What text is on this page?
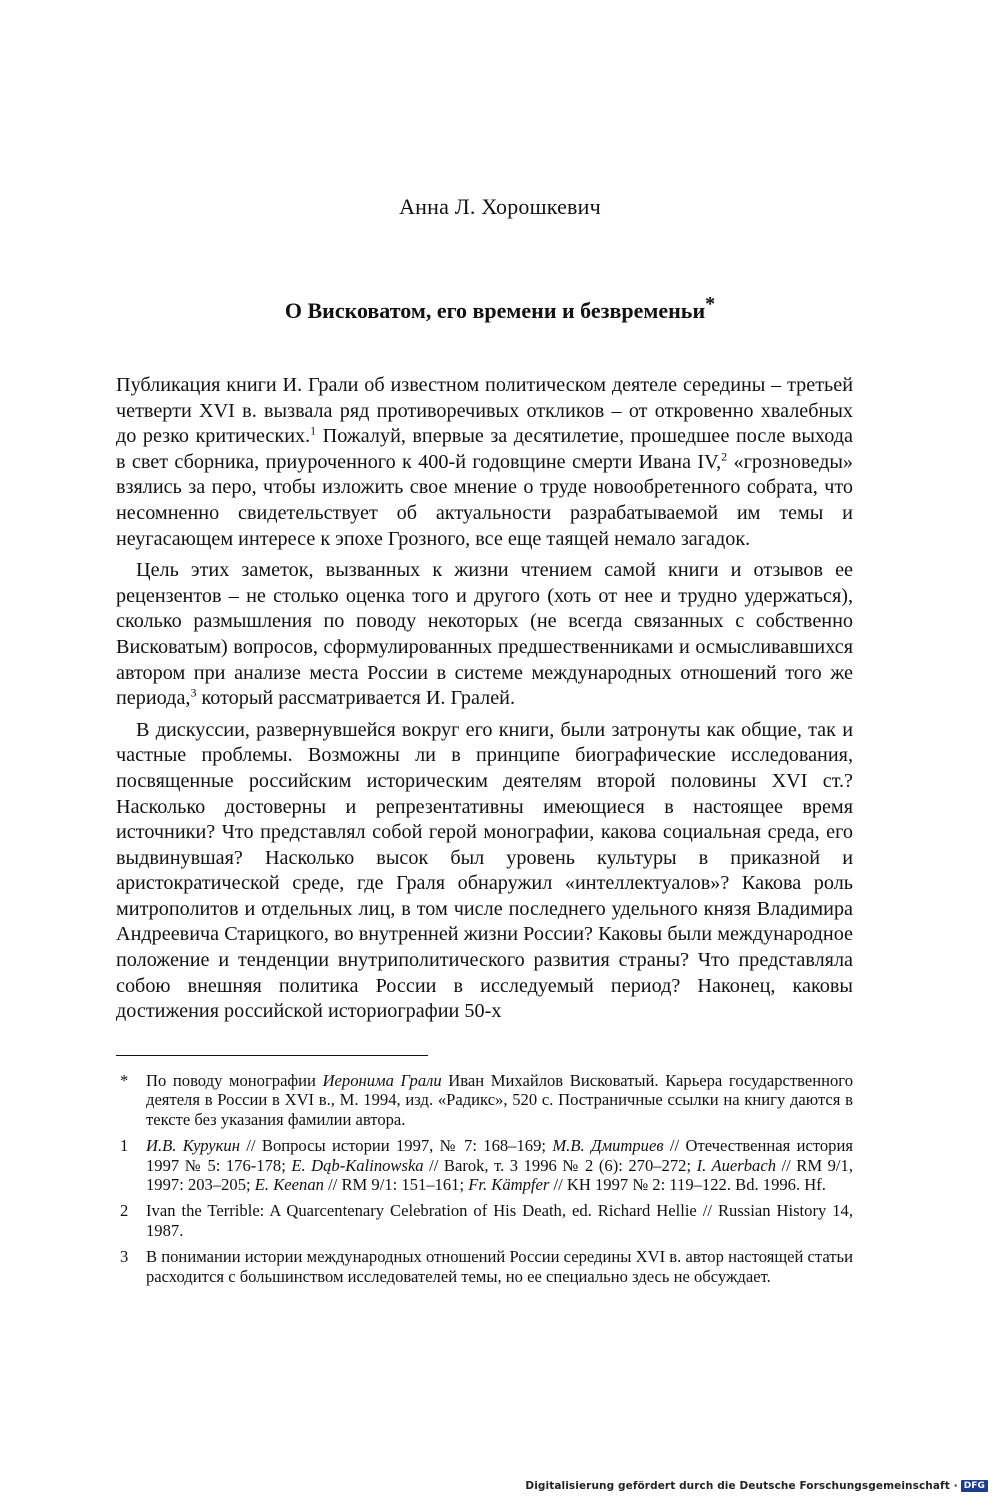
Анна Л. Хорошкевич
О Висковатом, его времени и безвременьи*

Публикация книги И. Грали об известном политическом деятеле середины – третьей четверти XVI в. вызвала ряд противоречивых откликов – от откровенно хвалебных до резко критических.$^1$ Пожалуй, впервые за десятилетие, прошедшее после выхода в свет сборника, приуроченного к 400-й годовщине смерти Ивана IV,$^2$ «грозноведы» взялись за перо, чтобы изложить свое мнение о труде новообретенного собрата, что несомненно свидетельствует об актуальности разрабатываемой им темы и неугасающем интересе к эпохе Грозного, все еще таящей немало загадок.

Цель этих заметок, вызванных к жизни чтением самой книги и отзывов ее рецензентов – не столько оценка того и другого (хоть от нее и трудно удержаться), сколько размышления по поводу некоторых (не всегда связанных с собственно Висковатым) вопросов, сформулированных предшественниками и осмысливавшихся автором при анализе места России в системе международных отношений того же периода,$^3$ который рассматривается И. Гралей.

В дискуссии, развернувшейся вокруг его книги, были затронуты как общие, так и частные проблемы. Возможны ли в принципе биографические исследования, посвященные российским историческим деятелям второй половины XVI ст.? Насколько достоверны и репрезентативны имеющиеся в настоящее время источники? Что представлял собой герой монографии, какова социальная среда, его выдвинувшая? Насколько высок был уровень культуры в приказной и аристократической среде, где Граля обнаружил «интеллектуалов»? Какова роль митрополитов и отдельных лиц, в том числе последнего удельного князя Владимира Андреевича Старицкого, во внутренней жизни России? Каковы были международное положение и тенденции внутриполитического развития страны? Что представляла собою внешняя политика России в исследуемый период? Наконец, каковы достижения российской историографии 50-х

*	По поводу монографии Иеронима Грали Иван Михайлов Висковатый. Карьера государственного деятеля в России в XVI в., М. 1994, изд. «Радикс», 520 с. Постраничные ссылки на книгу даются в тексте без указания фамилии автора.
1	И.В. Курукин // Вопросы истории 1997, № 7: 168–169; М.В. Дмитриев // Отечественная история 1997 № 5: 176-178; E. Dąb-Kalinowska // Barok, т. 3 1996 № 2 (6): 270–272; I. Auerbach // RM 9/1, 1997: 203–205; E. Keenan // RM 9/1: 151–161; Fr. Kämpfer // KH 1997 № 2: 119–122. Bd. 1996. Hf.
2	Ivan the Terrible: A Quarcentenary Celebration of His Death, ed. Richard Hellie // Russian History 14, 1987.
3	В понимании истории международных отношений России середины XVI в. автор настоящей статьи расходится с большинством исследователей темы, но ее специально здесь не обсуждает.
Digitalisierung gefördert durch die Deutsche Forschungsgemeinschaft · DFG
